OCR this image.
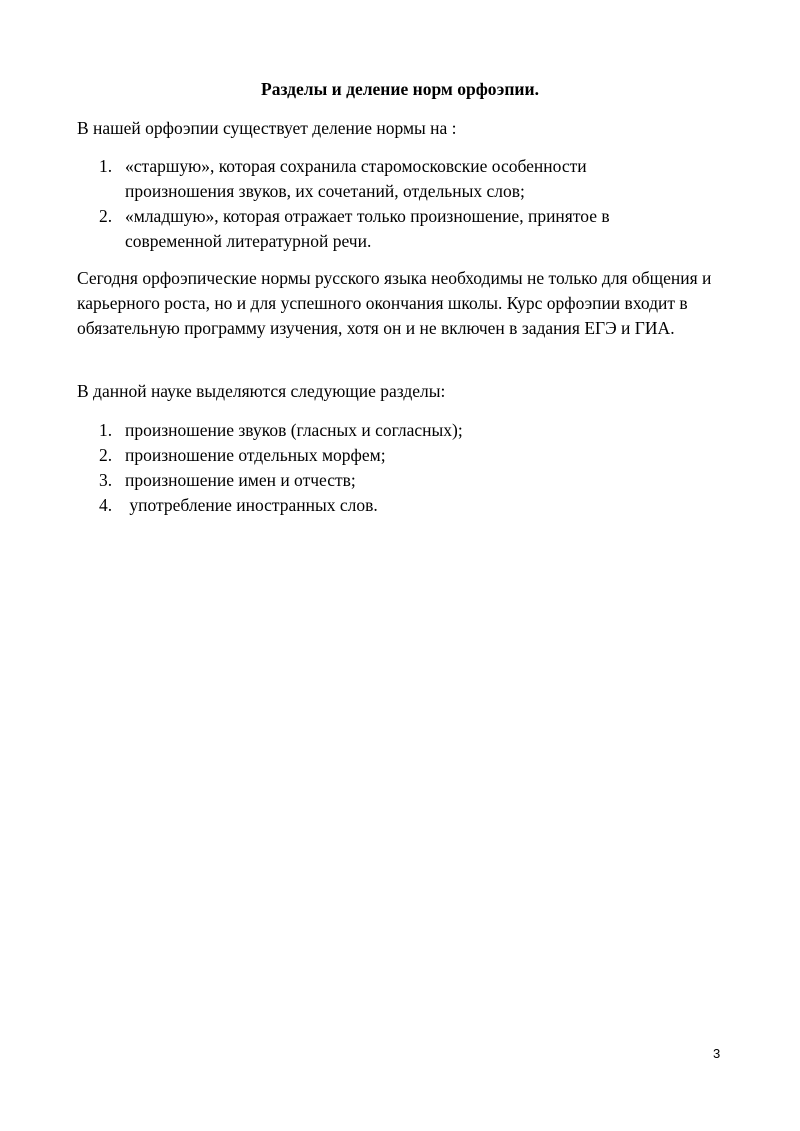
Разделы и деление норм орфоэпии.

В нашей орфоэпии существует деление нормы на :

1. «старшую», которая сохранила старомосковские особенности произношения звуков, их сочетаний, отдельных слов;
2. «младшую», которая отражает только произношение, принятое в современной литературной речи.

Сегодня орфоэпические нормы русского языка необходимы не только для общения и карьерного роста, но и для успешного окончания школы. Курс орфоэпии входит в обязательную программу изучения, хотя он и не включен в задания ЕГЭ и ГИА.

В данной науке выделяются следующие разделы:

1. произношение звуков (гласных и согласных);
2. произношение отдельных морфем;
3. произношение имен и отчеств;
4. употребление иностранных слов.
3
